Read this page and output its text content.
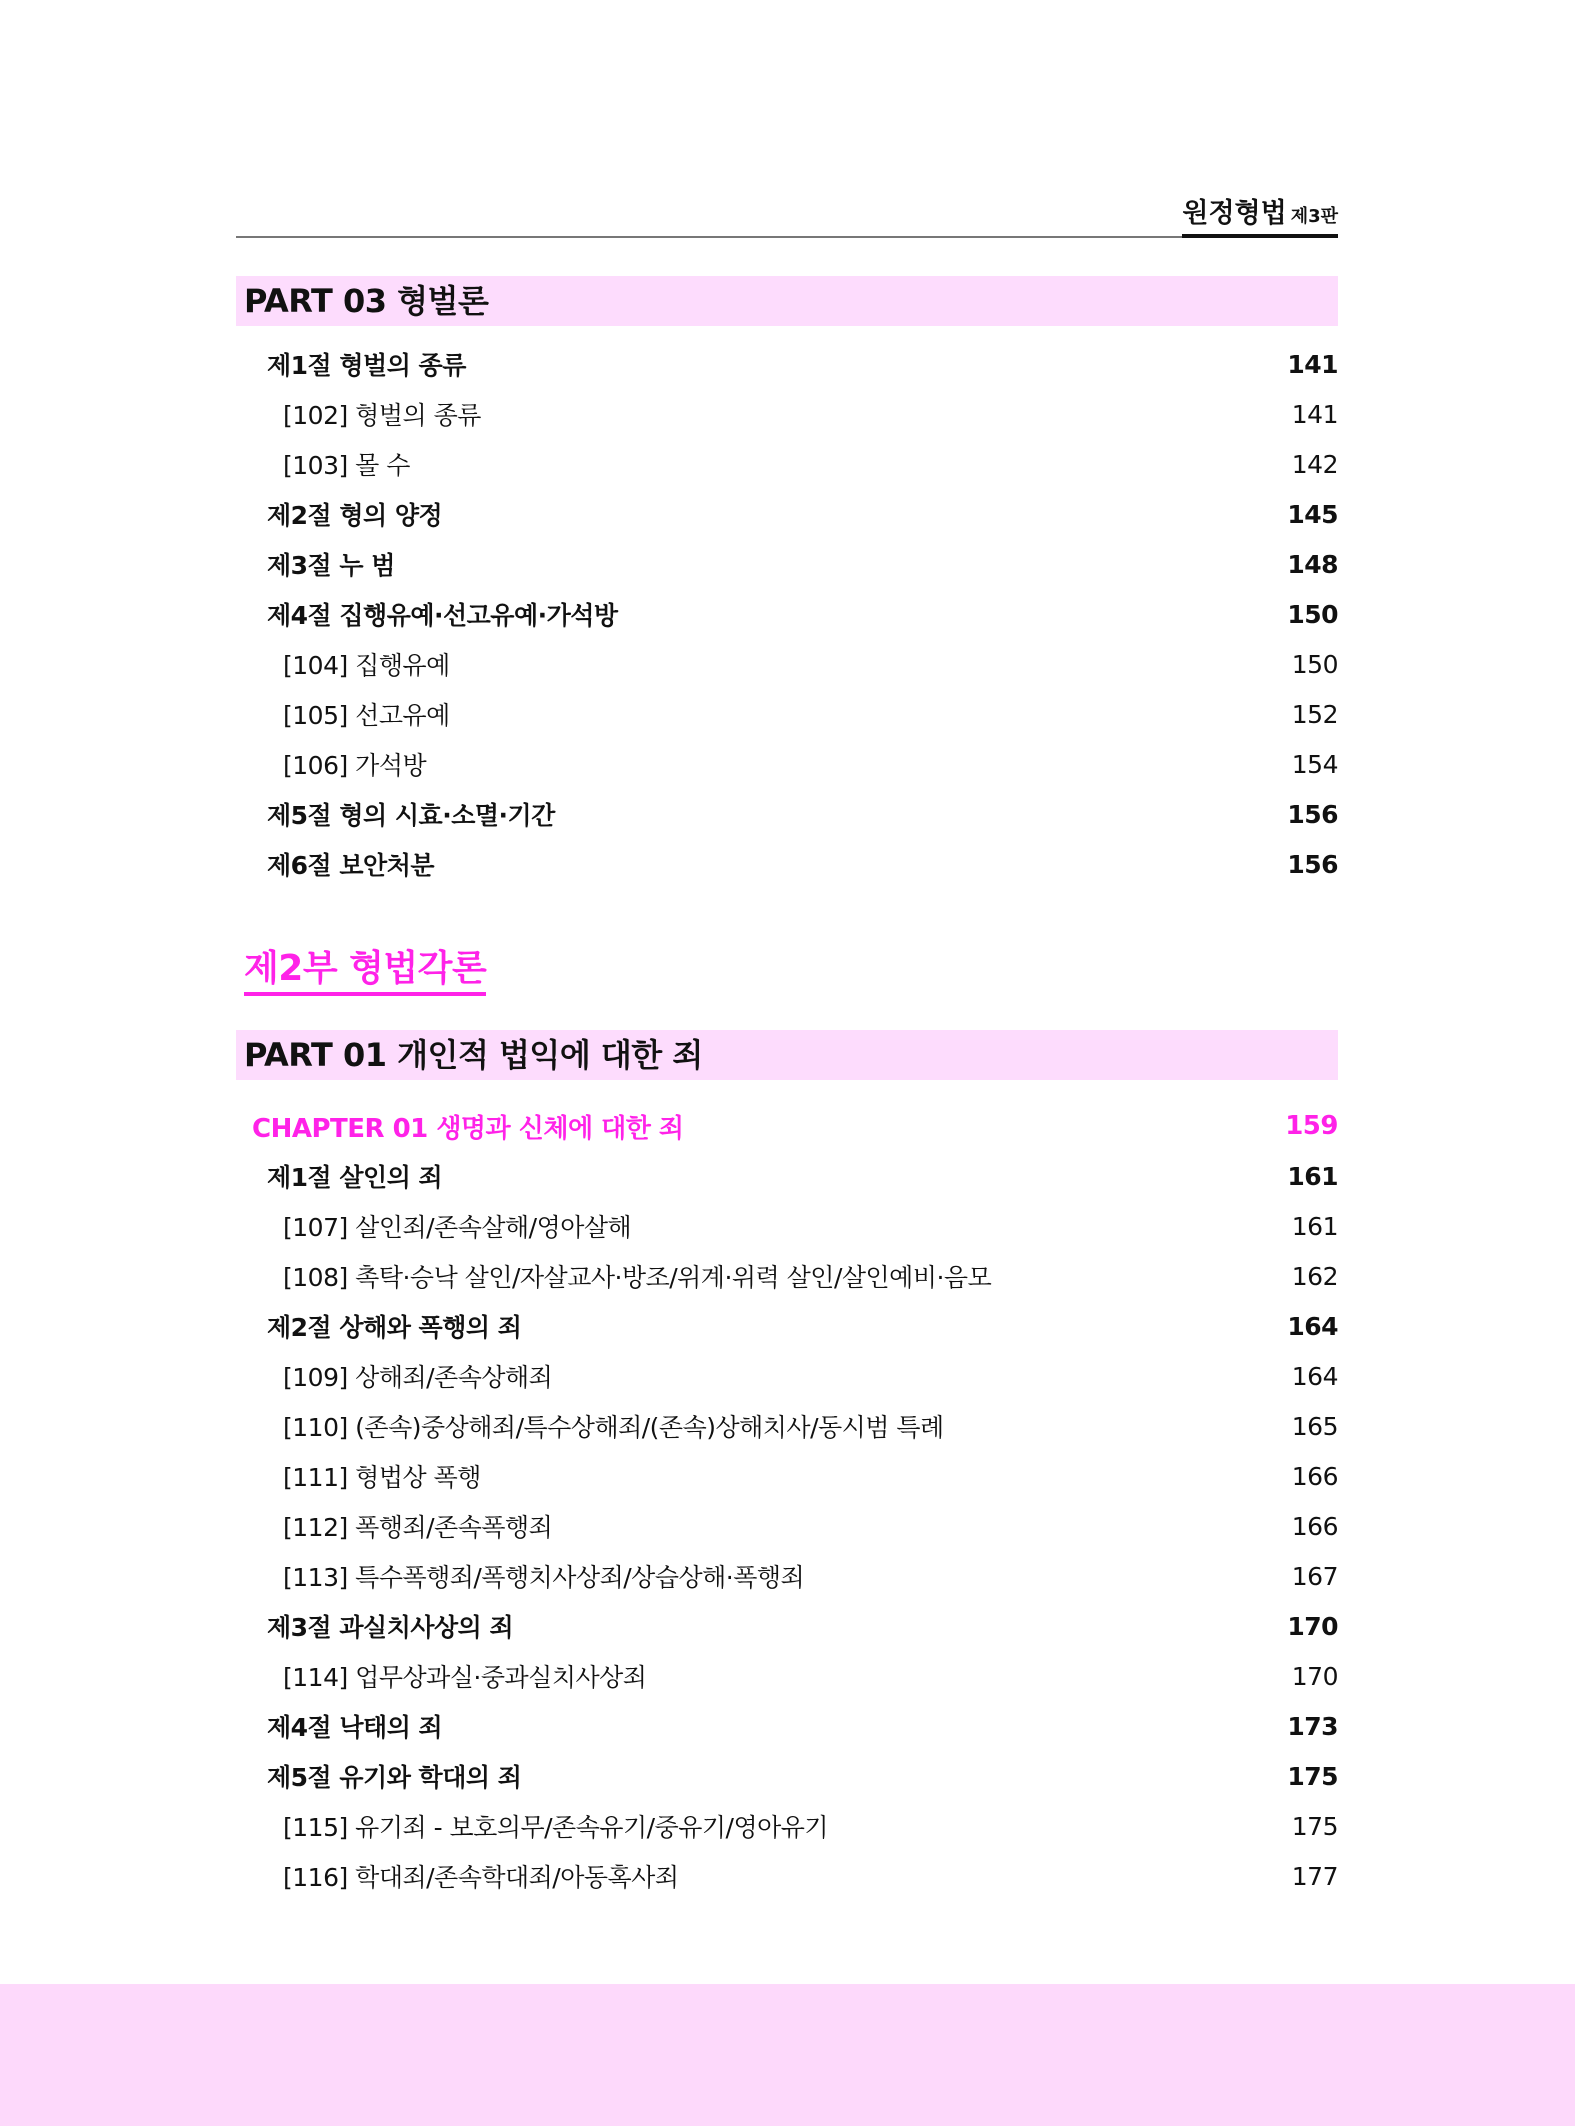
원정형법 제3판
PART 03 형벌론
제1절 형벌의 종류	141
[102] 형벌의 종류	141
[103] 몰 수	142
제2절 형의 양정	145
제3절 누 범	148
제4절 집행유예·선고유예·가석방	150
[104] 집행유예	150
[105] 선고유예	152
[106] 가석방	154
제5절 형의 시효·소멸·기간	156
제6절 보안처분	156
제2부 형법각론
PART 01 개인적 법익에 대한 죄
CHAPTER 01 생명과 신체에 대한 죄	159
제1절 살인의 죄	161
[107] 살인죄/존속살해/영아살해	161
[108] 촉탁·승낙 살인/자살교사·방조/위계·위력 살인/살인예비·음모	162
제2절 상해와 폭행의 죄	164
[109] 상해죄/존속상해죄	164
[110] (존속)중상해죄/특수상해죄/(존속)상해치사/동시범 특례	165
[111] 형법상 폭행	166
[112] 폭행죄/존속폭행죄	166
[113] 특수폭행죄/폭행치사상죄/상습상해·폭행죄	167
제3절 과실치사상의 죄	170
[114] 업무상과실·중과실치사상죄	170
제4절 낙태의 죄	173
제5절 유기와 학대의 죄	175
[115] 유기죄 - 보호의무/존속유기/중유기/영아유기	175
[116] 학대죄/존속학대죄/아동혹사죄	177
